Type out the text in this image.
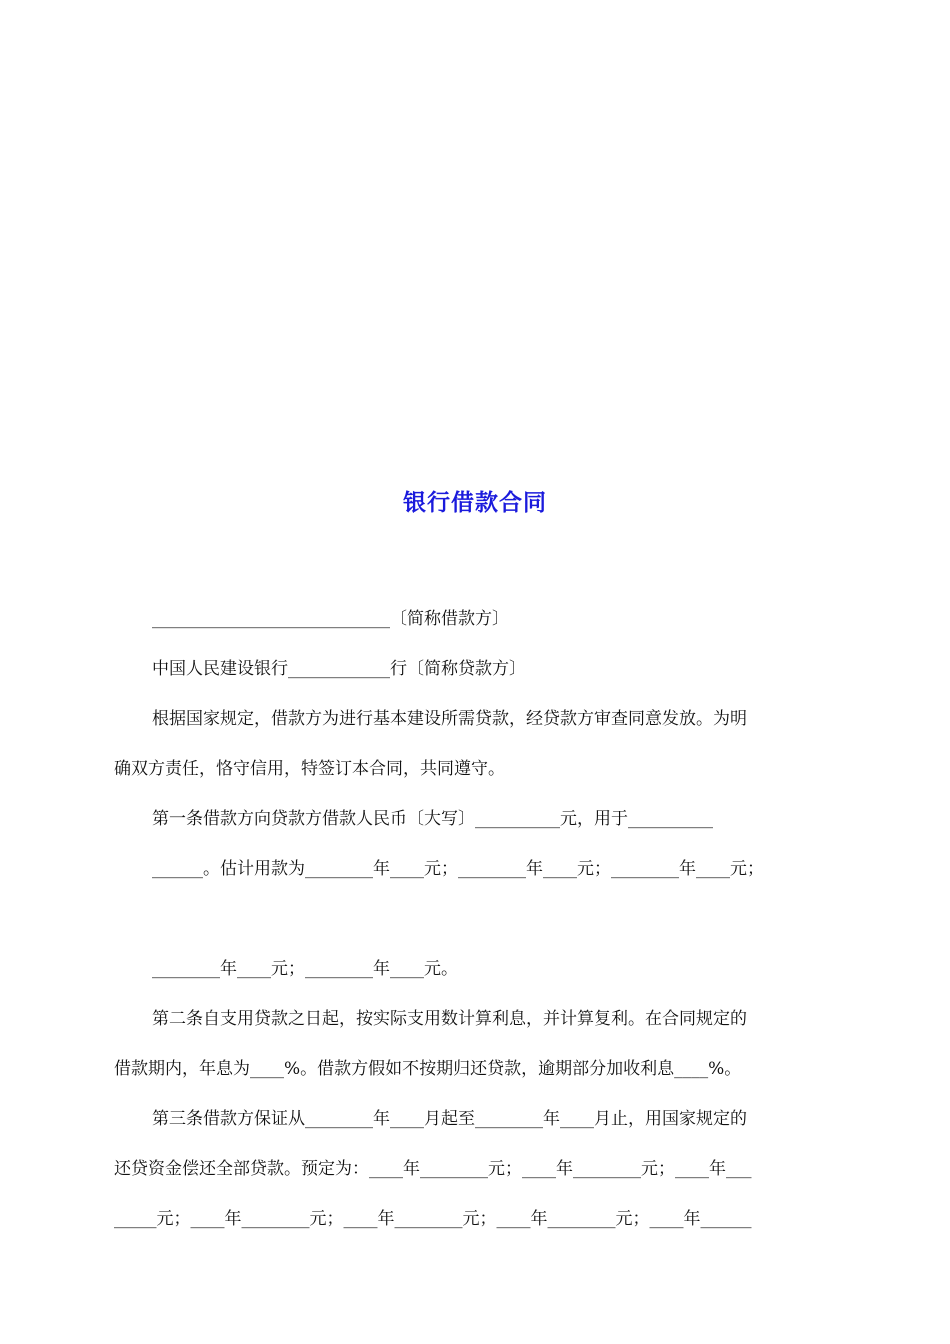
银行借款合同
____________________________〔简称借款方〕
中国人民建设银行____________行〔简称贷款方〕
根据国家规定，借款方为进行基本建设所需贷款，经贷款方审查同意发放。为明
确双方责任，恪守信用，特签订本合同，共同遵守。
第一条借款方向贷款方借款人民币〔大写〕__________元，用于__________
______。估计用款为________年____元；________年____元；________年____元；
________年____元；________年____元。
第二条自支用贷款之日起，按实际支用数计算利息，并计算复利。在合同规定的
借款期内，年息为____%。借款方假如不按期归还贷款，逾期部分加收利息____%。
第三条借款方保证从________年____月起至________年____月止，用国家规定的
还贷资金偿还全部贷款。预定为：____年________元；____年________元；____年___
_____元；____年________元；____年________元；____年________元；____年______
